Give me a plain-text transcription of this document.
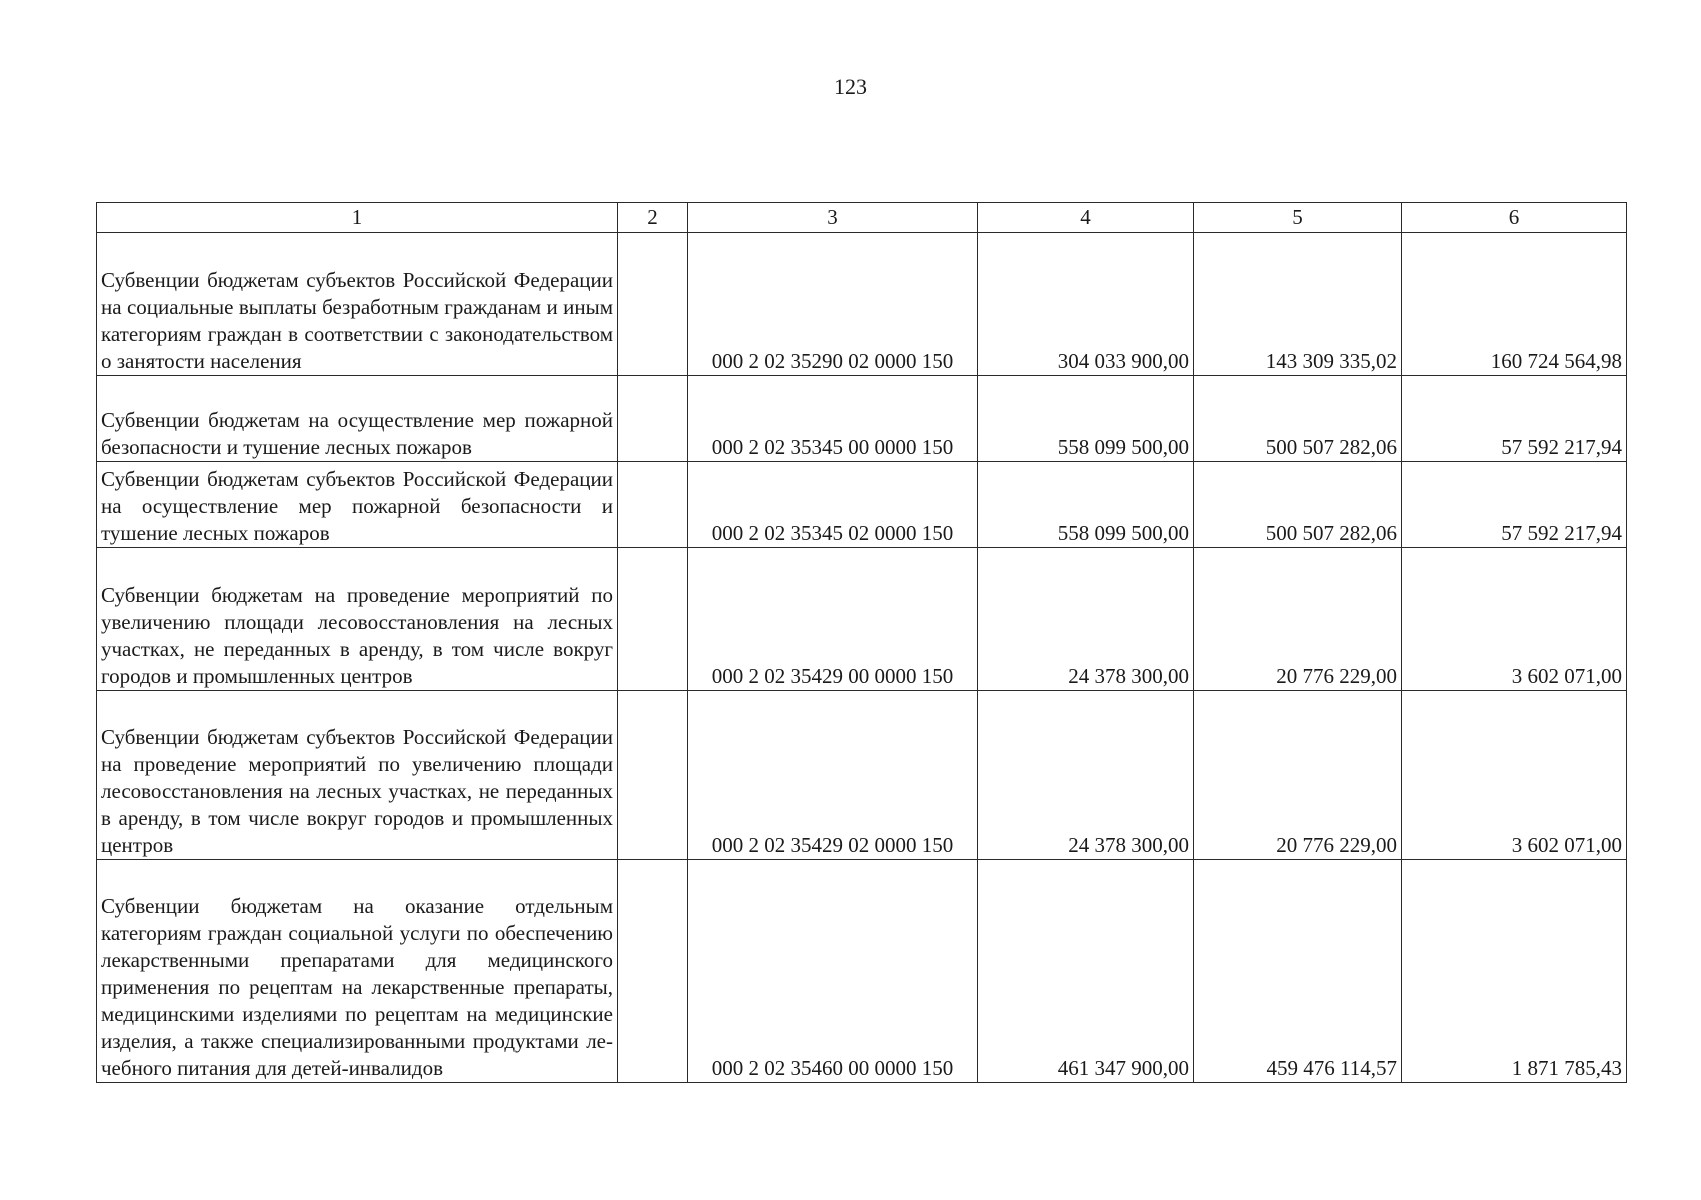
123
1	2	3	4	5	6
Субвенции бюджетам субъектов Российской Федерации на социальные выплаты безработным гражданам и иным категориям граждан в соответствии с законодательством о занятости населения		000 2 02 35290 02 0000 150	304 033 900,00	143 309 335,02	160 724 564,98
Субвенции бюджетам на осуществление мер пожарной безопасности и тушение лесных пожаров		000 2 02 35345 00 0000 150	558 099 500,00	500 507 282,06	57 592 217,94
Субвенции бюджетам субъектов Российской Федерации на осуществление мер пожарной безопасности и тушение лесных пожаров		000 2 02 35345 02 0000 150	558 099 500,00	500 507 282,06	57 592 217,94
Субвенции бюджетам на проведение мероприятий по увеличению площади лесовосстановления на лесных участках, не переданных в аренду, в том числе вокруг городов и промышленных центров		000 2 02 35429 00 0000 150	24 378 300,00	20 776 229,00	3 602 071,00
Субвенции бюджетам субъектов Российской Федерации на проведение мероприятий по увеличению площади лесовосстановления на лесных участках, не переданных в аренду, в том числе вокруг городов и промышленных центров		000 2 02 35429 02 0000 150	24 378 300,00	20 776 229,00	3 602 071,00
Субвенции бюджетам на оказание отдельным категориям граждан социальной услуги по обеспечению лекарственными препаратами для медицинского применения по рецептам на лекарственные препараты, медицинскими изделиями по рецептам на медицинские изделия, а также специализированными продуктами лечебного питания для детей-инвалидов		000 2 02 35460 00 0000 150	461 347 900,00	459 476 114,57	1 871 785,43
